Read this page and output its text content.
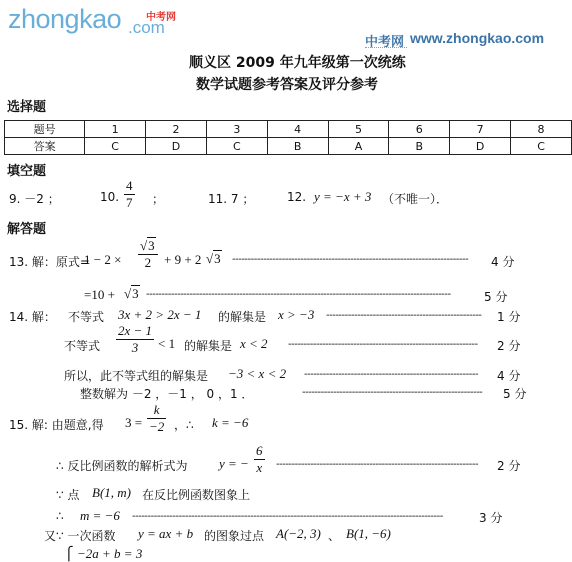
zhongkao .com
中考网
中考网 www.zhongkao.com
顺义区 2009 年九年级第一次统练
数学试题参考答案及评分参考
选择题
题号	1	2	3	4	5	6	7	8
答案	C	D	C	B	A	B	D	C
填空题
9. －2 ；	10. $\frac{4}{7}$ ；	11. 7 ；	12. y = −x + 3 （不唯一）．
解答题
13. 解：原式=
$1 - 2 \times \frac{√3}{2} + 9 + 2$ √3 ----------------------------------------------------------------------------	4 分
=10 + √3 --------------------------------------------------------------------------------------------------	5 分
14. 解： 不等式 3x + 2 > 2x − 1 的解集是 x > −3 --------------------------------------------------	1 分
不等式 $\frac{2x - 1}{3} < 1$ 的解集是 x < 2 -------------------------------------------------------------	2 分
所以，此不等式组的解集是 −3 < x < 2 --------------------------------------------------------	4 分
整数解为 －2 ，－1 ， 0 ，1 ．	----------------------------------------------------------	5 分
15. 解: 由题意,得 $3 = \frac{k}{-2}$ ，∴ k = −6
∴ 反比例函数的解析式为 y = − $\frac{6}{x}$ -----------------------------------------------------------------	2 分
∵ 点 B(1, m) 在反比例函数图象上
∴ m = −6 ----------------------------------------------------------------------------------------------------	3 分
又∵ 一次函数 y = ax + b 的图象过点 A(−2, 3) 、 B(1, −6)
⎧ −2a + b = 3
